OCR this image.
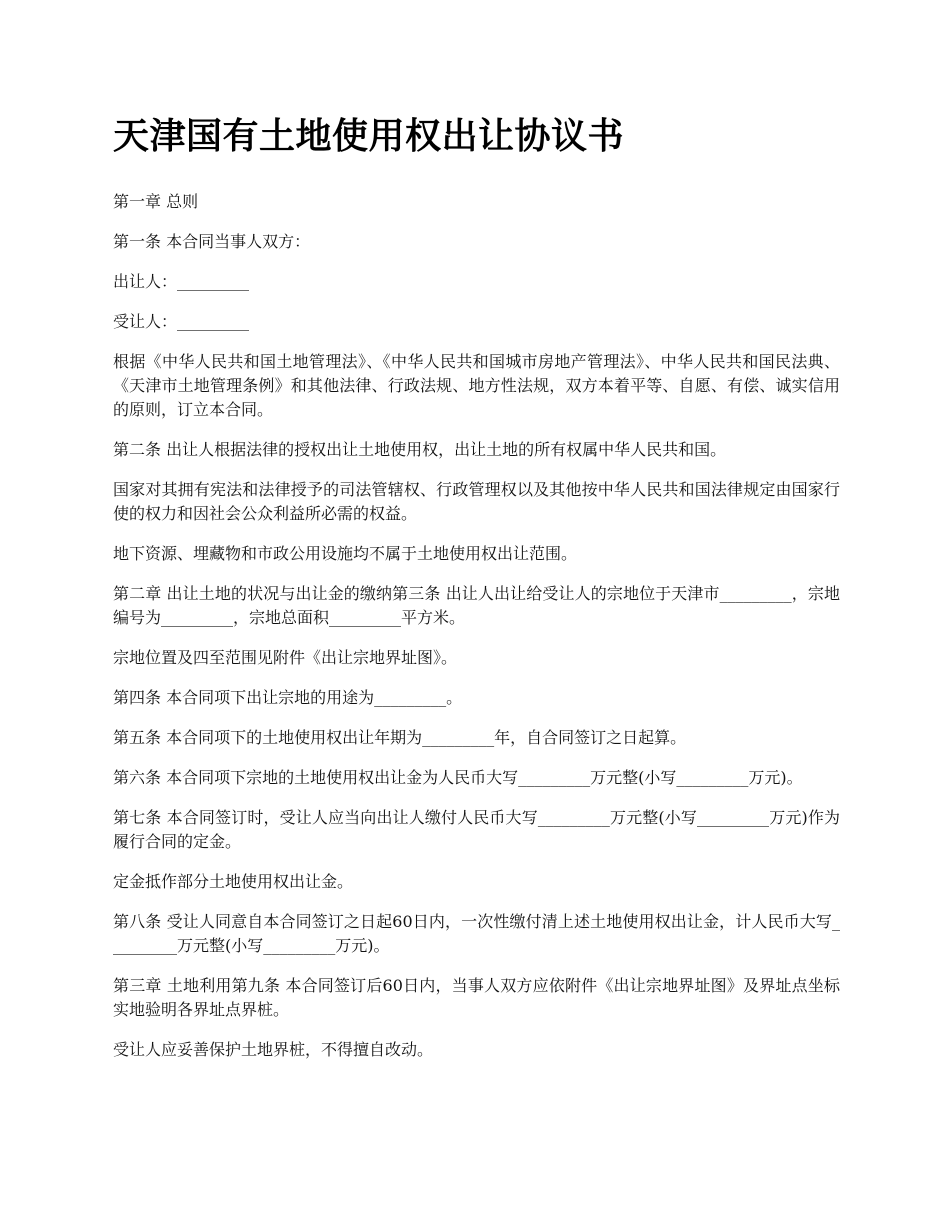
天津国有土地使用权出让协议书

第一章 总则

第一条 本合同当事人双方：

出让人：_________

受让人：_________

根据《中华人民共和国土地管理法》、《中华人民共和国城市房地产管理法》、中华人民共和国民法典、《天津市土地管理条例》和其他法律、行政法规、地方性法规，双方本着平等、自愿、有偿、诚实信用的原则，订立本合同。

第二条 出让人根据法律的授权出让土地使用权，出让土地的所有权属中华人民共和国。

国家对其拥有宪法和法律授予的司法管辖权、行政管理权以及其他按中华人民共和国法律规定由国家行使的权力和因社会公众利益所必需的权益。

地下资源、埋藏物和市政公用设施均不属于土地使用权出让范围。

第二章 出让土地的状况与出让金的缴纳第三条 出让人出让给受让人的宗地位于天津市_________，宗地编号为_________，宗地总面积_________平方米。

宗地位置及四至范围见附件《出让宗地界址图》。

第四条 本合同项下出让宗地的用途为_________。

第五条 本合同项下的土地使用权出让年期为_________年，自合同签订之日起算。

第六条 本合同项下宗地的土地使用权出让金为人民币大写_________万元整(小写_________万元)。

第七条 本合同签订时，受让人应当向出让人缴付人民币大写_________万元整(小写_________万元)作为履行合同的定金。

定金抵作部分土地使用权出让金。

第八条 受让人同意自本合同签订之日起60日内，一次性缴付清上述土地使用权出让金，计人民币大写_________万元整(小写_________万元)。

第三章 土地利用第九条 本合同签订后60日内，当事人双方应依附件《出让宗地界址图》及界址点坐标实地验明各界址点界桩。

受让人应妥善保护土地界桩，不得擅自改动。
